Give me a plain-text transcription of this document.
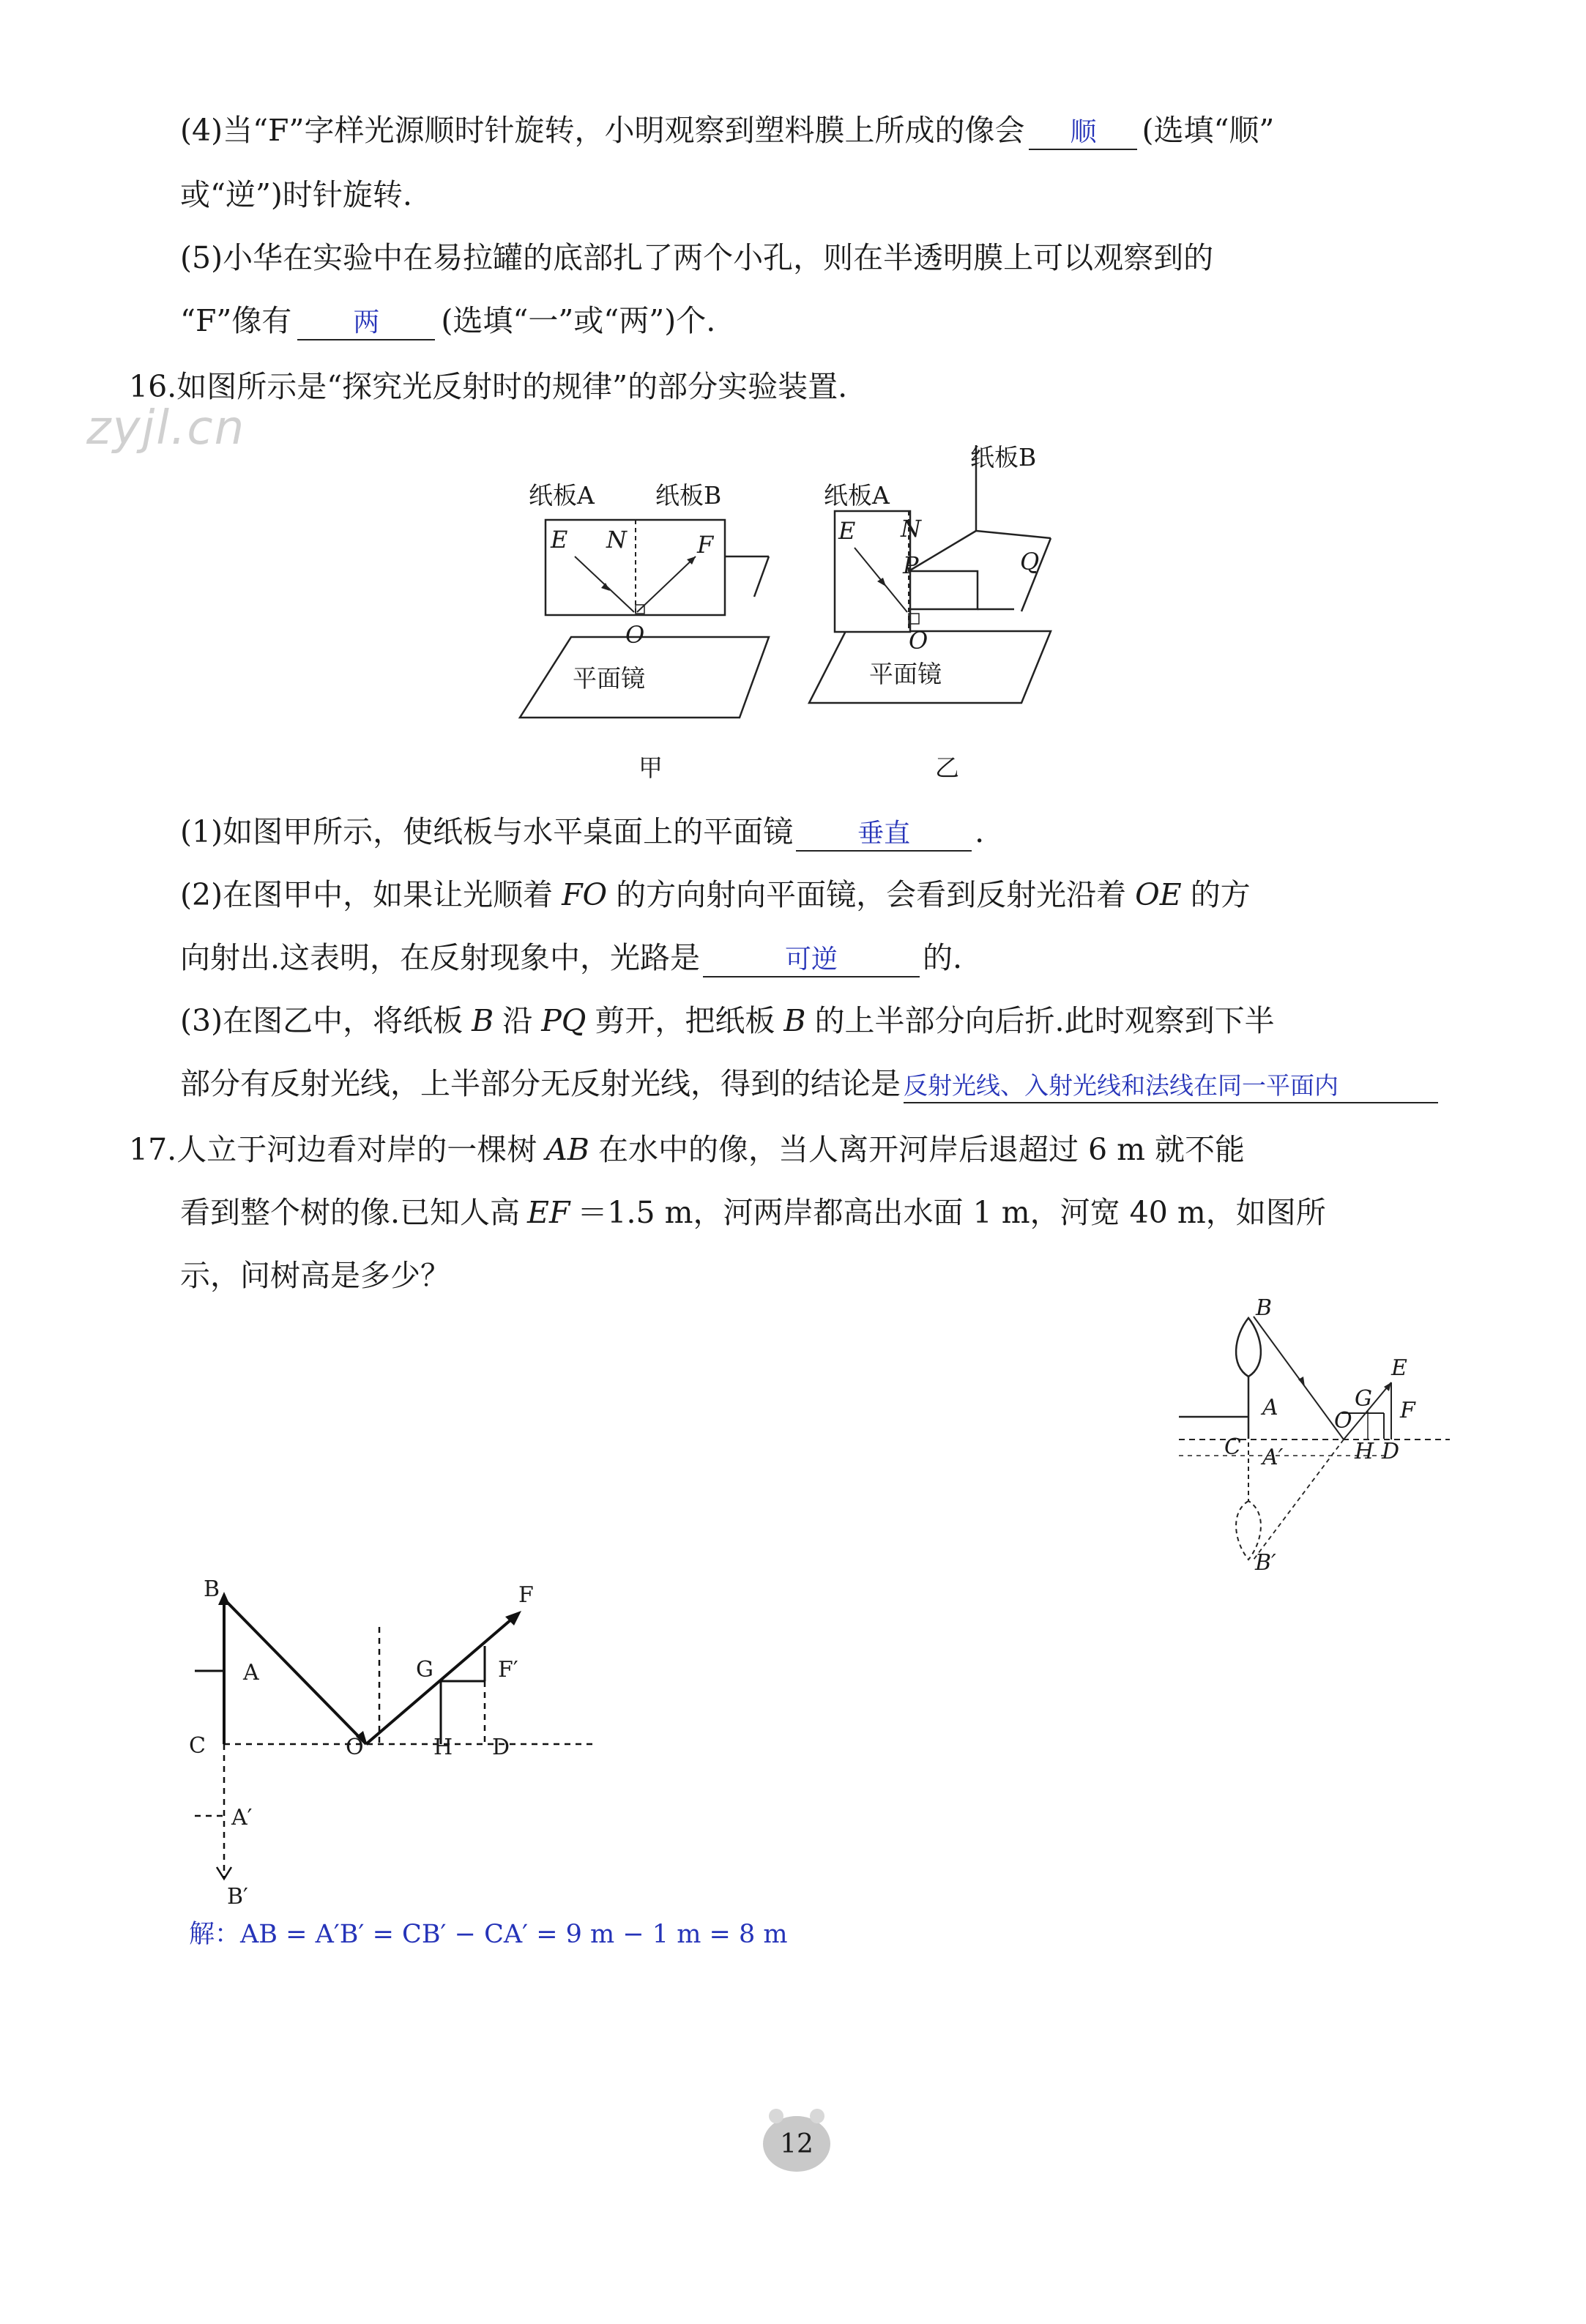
zyjl.cn
(4)当“F”字样光源顺时针旋转，小明观察到塑料膜上所成的像会 顺 (选填“顺”
或“逆”)时针旋转.
(5)小华在实验中在易拉罐的底部扎了两个小孔，则在半透明膜上可以观察到的
“F”像有 两 (选填“一”或“两”)个.
16.如图所示是“探究光反射时的规律”的部分实验装置.
纸板A	纸板B
E N	F
O
平面镜
甲
纸板B
纸板A
E N
P	Q
O
平面镜
乙
(1)如图甲所示，使纸板与水平桌面上的平面镜 垂直 .
(2)在图甲中，如果让光顺着 FO 的方向射向平面镜，会看到反射光沿着 OE 的方
向射出.这表明，在反射现象中，光路是	可逆	的.
(3)在图乙中，将纸板 B 沿 PQ 剪开，把纸板 B 的上半部分向后折.此时观察到下半
部分有反射光线，上半部分无反射光线，得到的结论是 反射光线、入射光线和法线在同一平面内
17.人立于河边看对岸的一棵树 AB 在水中的像，当人离开河岸后退超过 6 m 就不能
看到整个树的像.已知人高 EF ＝1.5 m，河两岸都高出水面 1 m，河宽 40 m，如图所
示，问树高是多少？
B
A
C A′
O
G
H D
E
F
B′
B
A
C	O
G
H D
F
F′
A′
B′
解：AB = A′B′ = CB′ − CA′ = 9 m − 1 m = 8 m
12
